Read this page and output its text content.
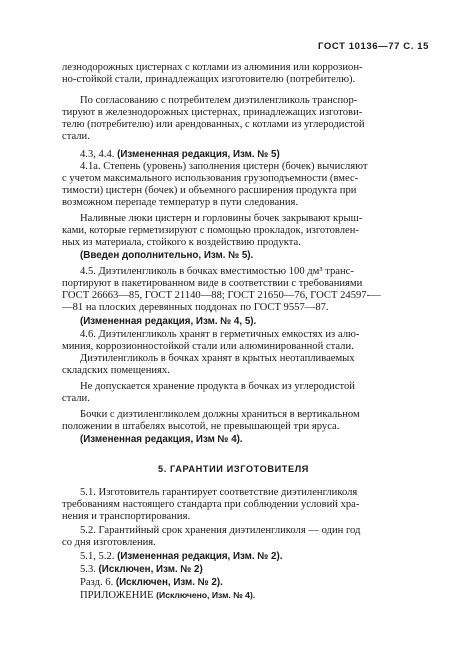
ГОСТ 10136—77 С. 15
лезнодорожных цистернах с котлами из алюминия или коррозион-
но-стойкой стали, принадлежащих изготовителю (потребителю).
По согласованию с потребителем диэтиленгликоль транспор-
тируют в железнодорожных цистернах, принадлежащих изготови-
телю (потребителю) или арендованных, с котлами из углеродистой
стали.
4.3, 4.4. (Измененная редакция, Изм. № 5)
4.1а. Степень (уровень) заполнения цистерн (бочек) вычисляют
с учетом максимального использования грузоподъемности (вмес-
тимости) цистерн (бочек) и объемного расширения продукта при
возможном перепаде температур в пути следования.
Наливные люки цистерн и горловины бочек закрывают крыш-
ками, которые герметизируют с помощью прокладок, изготовлен-
ных из материала, стойкого к воздействию продукта.
(Введен дополнительно, Изм. № 5).
4.5. Диэтиленгликоль в бочках вместимостью 100 дм³ транс-
портируют в пакетированном виде в соответствии с требованиями
ГОСТ 26663—85, ГОСТ 21140—88; ГОСТ 21650—76, ГОСТ 24597-—
—81 на плоских деревянных поддонах по ГОСТ 9557—87.
(Измененная редакция, Изм. № 4, 5).
4.6. Диэтиленгликоль хранят в герметичных емкостях из алю-
миния, коррозионностойкой стали или алюминированной стали.
Диэтиленгликоль в бочках хранят в крытых неотапливаемых
складских помещениях.
Не допускается хранение продукта в бочках из углеродистой
стали.
Бочки с диэтиленгликолем должны храниться в вертикальном
положении в штабелях высотой, не превышающей три яруса.
(Измененная редакция, Изм № 4).
5. ГАРАНТИИ ИЗГОТОВИТЕЛЯ
5.1. Изготовитель гарантирует соответствие диэтиленгликоля
требованиям настоящего стандарта при соблюдении условий хра-
нения и транспортирования.
5.2. Гарантийный срок хранения диэтиленгликоля — один год
со дня изготовления.
5.1, 5.2. (Измененная редакция, Изм. № 2).
5.3. (Исключен, Изм. № 2)
Разд. 6. (Исключен, Изм. № 2).
ПРИЛОЖЕНИЕ (Исключено, Изм. № 4).
